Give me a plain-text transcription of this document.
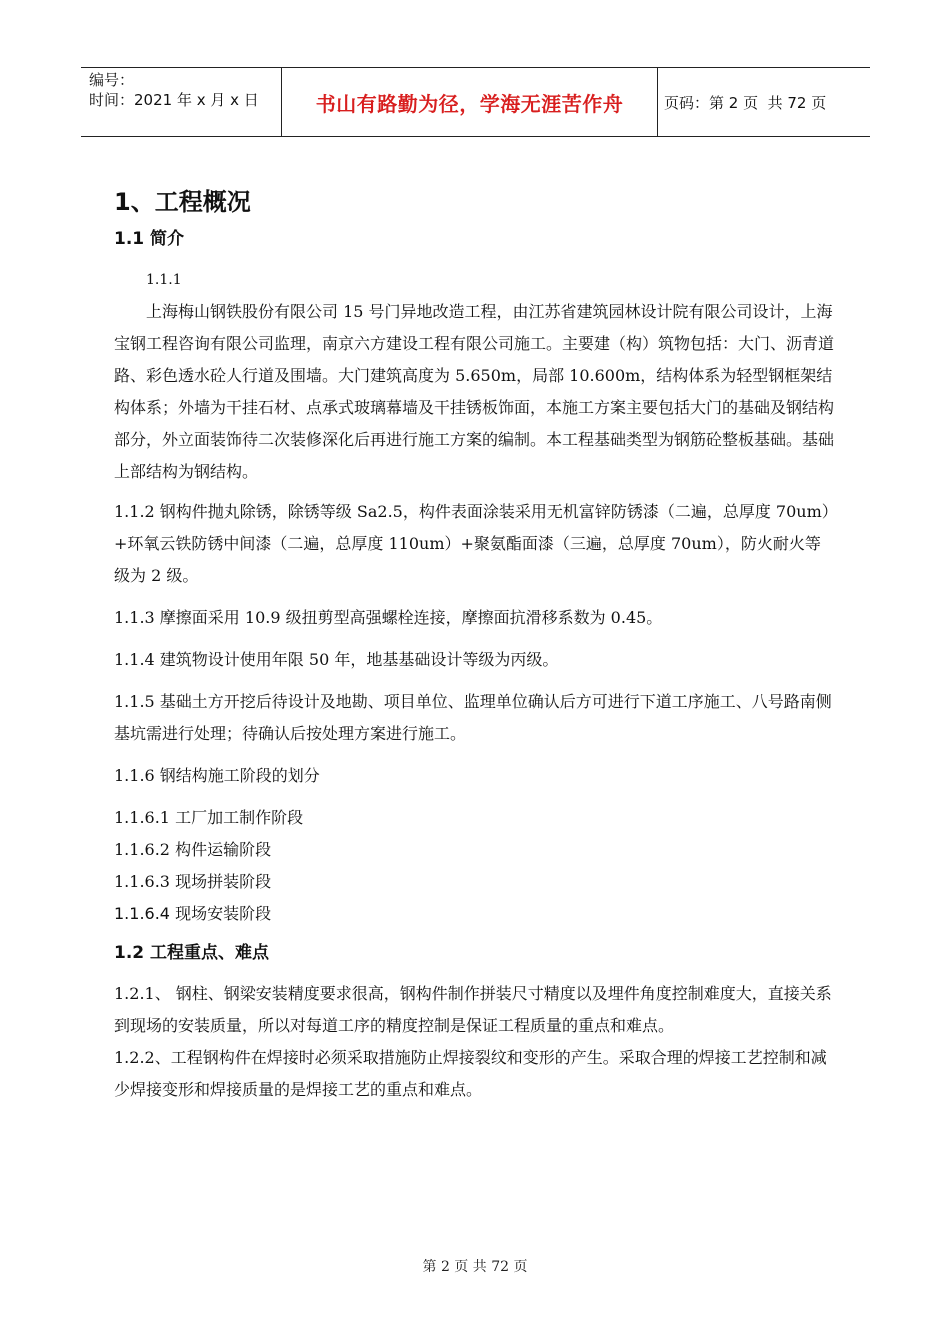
编号：
时间：2021 年 x 月 x 日	书山有路勤为径，学海无涯苦作舟	页码：第 2 页  共 72 页
1、工程概况
1.1 简介
1.1.1

上海梅山钢铁股份有限公司 15 号门异地改造工程，由江苏省建筑园林设计院有限公司设计，上海宝钢工程咨询有限公司监理，南京六方建设工程有限公司施工。主要建（构）筑物包括：大门、沥青道路、彩色透水砼人行道及围墙。大门建筑高度为 5.650m，局部 10.600m，结构体系为轻型钢框架结构体系；外墙为干挂石材、点承式玻璃幕墙及干挂锈板饰面，本施工方案主要包括大门的基础及钢结构部分，外立面装饰待二次装修深化后再进行施工方案的编制。本工程基础类型为钢筋砼整板基础。基础上部结构为钢结构。

1.1.2 钢构件抛丸除锈，除锈等级 Sa2.5，构件表面涂装采用无机富锌防锈漆（二遍，总厚度 70um）+环氧云铁防锈中间漆（二遍，总厚度 110um）+聚氨酯面漆（三遍，总厚度 70um），防火耐火等级为 2 级。

1.1.3 摩擦面采用 10.9 级扭剪型高强螺栓连接，摩擦面抗滑移系数为 0.45。

1.1.4 建筑物设计使用年限 50 年，地基基础设计等级为丙级。

1.1.5 基础土方开挖后待设计及地勘、项目单位、监理单位确认后方可进行下道工序施工、八号路南侧基坑需进行处理；待确认后按处理方案进行施工。

1.1.6 钢结构施工阶段的划分

1.1.6.1 工厂加工制作阶段

1.1.6.2 构件运输阶段

1.1.6.3 现场拼装阶段

1.1.6.4 现场安装阶段

1.2 工程重点、难点

1.2.1、 钢柱、钢梁安装精度要求很高，钢构件制作拼装尺寸精度以及埋件角度控制难度大，直接关系到现场的安装质量，所以对每道工序的精度控制是保证工程质量的重点和难点。

1.2.2、工程钢构件在焊接时必须采取措施防止焊接裂纹和变形的产生。采取合理的焊接工艺控制和减少焊接变形和焊接质量的是焊接工艺的重点和难点。

第 2 页 共 72 页
